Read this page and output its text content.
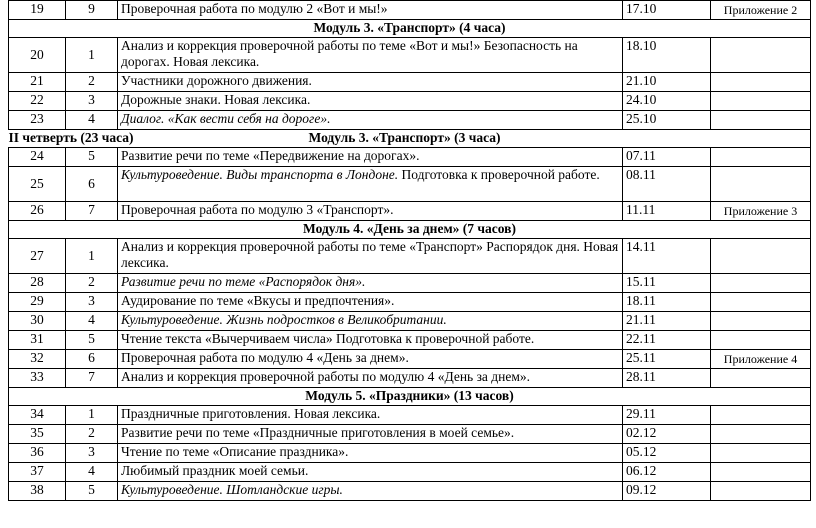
19	9	Проверочная работа по модулю 2 «Вот и мы!»	17.10	Приложение 2
Модуль 3. «Транспорт» (4 часа)				
20	1	Анализ и коррекция проверочной работы по теме «Вот и мы!» Безопасность на дорогах. Новая лексика.	18.10	
21	2	Участники дорожного движения.	21.10	
22	3	Дорожные знаки. Новая лексика.	24.10	
23	4	Диалог. «Как вести себя на дороге».	25.10	
II четверть (23 часа) Модуль 3. «Транспорт» (3 часа)				
24	5	Развитие речи по теме «Передвижение на дорогах».	07.11	
25	6	Культуроведение. Виды транспорта в Лондоне. Подготовка к проверочной работе.	08.11	
26	7	Проверочная работа по модулю 3 «Транспорт».	11.11	Приложение 3
Модуль 4. «День за днем» (7 часов)				
27	1	Анализ и коррекция проверочной работы по теме «Транспорт» Распорядок дня. Новая лексика.	14.11	
28	2	Развитие речи по теме «Распорядок дня».	15.11	
29	3	Аудирование по теме «Вкусы и предпочтения».	18.11	
30	4	Культуроведение. Жизнь подростков в Великобритании.	21.11	
31	5	Чтение текста «Вычерчиваем числа» Подготовка к проверочной работе.	22.11	
32	6	Проверочная работа по модулю 4 «День за днем».	25.11	Приложение 4
33	7	Анализ и коррекция проверочной работы по модулю 4 «День за днем».	28.11	
Модуль 5. «Праздники» (13 часов)				
34	1	Праздничные приготовления. Новая лексика.	29.11	
35	2	Развитие речи по теме «Праздничные приготовления в моей семье».	02.12	
36	3	Чтение по теме «Описание праздника».	05.12	
37	4	Любимый праздник моей семьи.	06.12	
38	5	Культуроведение. Шотландские игры.	09.12	
